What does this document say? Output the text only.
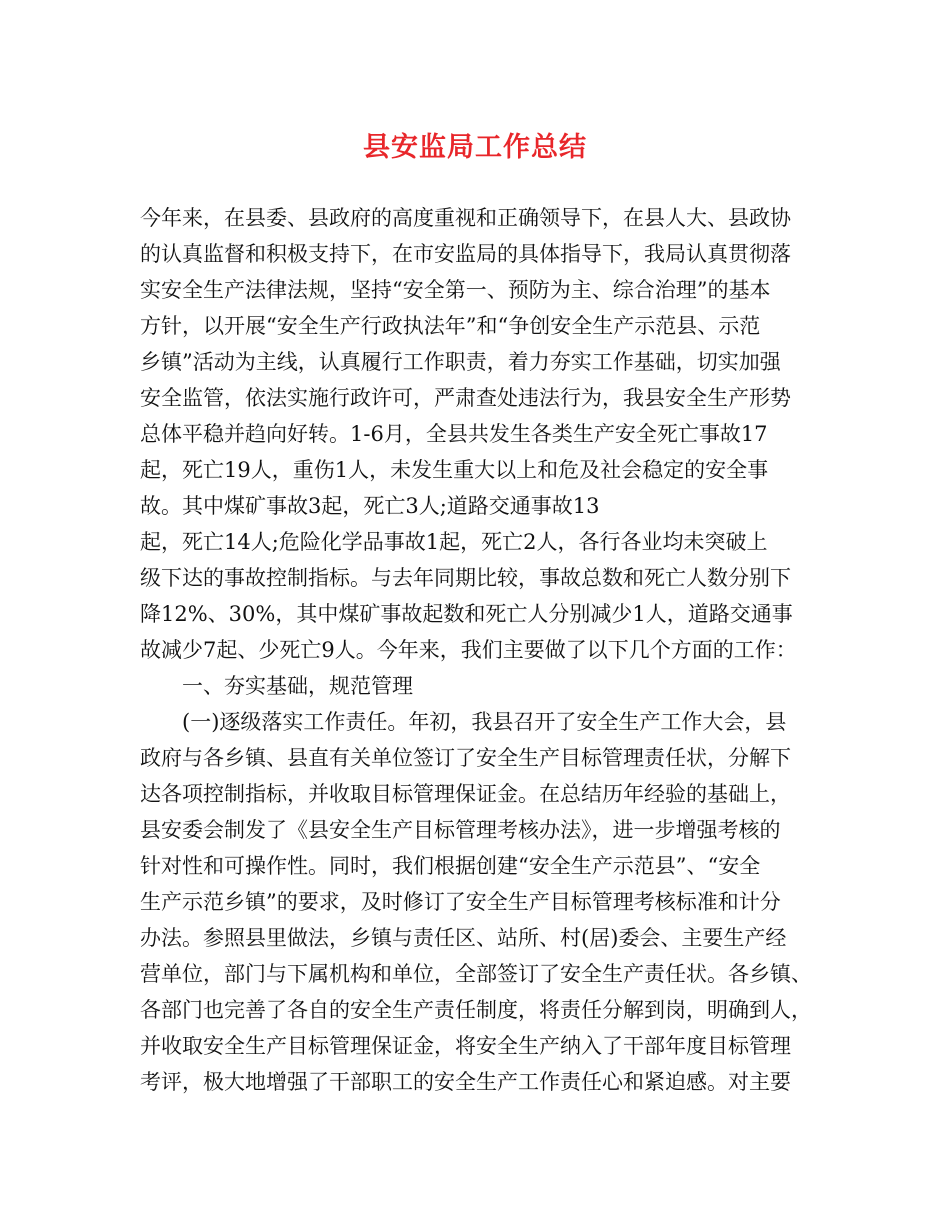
县安监局工作总结
今年来，在县委、县政府的高度重视和正确领导下，在县人大、县政协
的认真监督和积极支持下，在市安监局的具体指导下，我局认真贯彻落
实安全生产法律法规，坚持“安全第一、预防为主、综合治理”的基本
方针，以开展“安全生产行政执法年”和“争创安全生产示范县、示范
乡镇”活动为主线，认真履行工作职责，着力夯实工作基础，切实加强
安全监管，依法实施行政许可，严肃查处违法行为，我县安全生产形势
总体平稳并趋向好转。1-6月，全县共发生各类生产安全死亡事故17
起，死亡19人，重伤1人，未发生重大以上和危及社会稳定的安全事
故。其中煤矿事故3起，死亡3人;道路交通事故13
起，死亡14人;危险化学品事故1起，死亡2人，各行各业均未突破上
级下达的事故控制指标。与去年同期比较，事故总数和死亡人数分别下
降12%、30%，其中煤矿事故起数和死亡人分别减少1人，道路交通事
故减少7起、少死亡9人。今年来，我们主要做了以下几个方面的工作：
一、夯实基础，规范管理
(一)逐级落实工作责任。年初，我县召开了安全生产工作大会，县
政府与各乡镇、县直有关单位签订了安全生产目标管理责任状，分解下
达各项控制指标，并收取目标管理保证金。在总结历年经验的基础上，
县安委会制发了《县安全生产目标管理考核办法》，进一步增强考核的
针对性和可操作性。同时，我们根据创建“安全生产示范县”、“安全
生产示范乡镇”的要求，及时修订了安全生产目标管理考核标准和计分
办法。参照县里做法，乡镇与责任区、站所、村(居)委会、主要生产经
营单位，部门与下属机构和单位，全部签订了安全生产责任状。各乡镇、
各部门也完善了各自的安全生产责任制度，将责任分解到岗，明确到人，
并收取安全生产目标管理保证金，将安全生产纳入了干部年度目标管理
考评，极大地增强了干部职工的安全生产工作责任心和紧迫感。对主要
